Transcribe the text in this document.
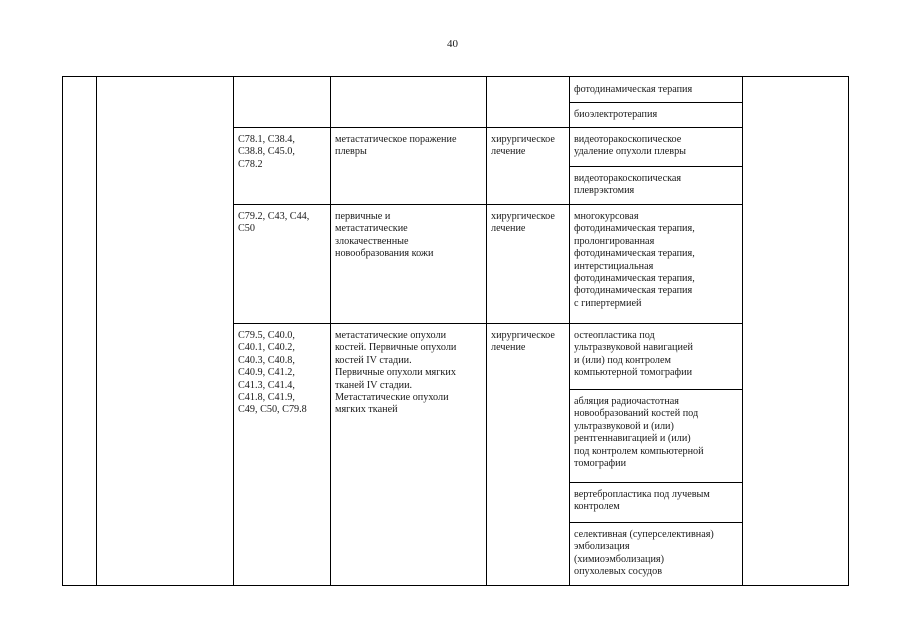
40
фотодинамическая терапия
биоэлектротерапия
C78.1, C38.4,
C38.8, C45.0,
C78.2
метастатическое поражение
плевры
хирургическое
лечение
видеоторакоскопическое
удаление опухоли плевры
видеоторакоскопическая
плеврэктомия
C79.2, C43, C44,
C50
первичные и
метастатические
злокачественные
новообразования кожи
хирургическое
лечение
многокурсовая
фотодинамическая терапия,
пролонгированная
фотодинамическая терапия,
интерстициальная
фотодинамическая терапия,
фотодинамическая терапия
с гипертермией
C79.5, C40.0,
C40.1, C40.2,
C40.3, C40.8,
C40.9, C41.2,
C41.3, C41.4,
C41.8, C41.9,
C49, C50, C79.8
метастатические опухоли
костей. Первичные опухоли
костей IV стадии.
Первичные опухоли мягких
тканей IV стадии.
Метастатические опухоли
мягких тканей
хирургическое
лечение
остеопластика под
ультразвуковой навигацией
и (или) под контролем
компьютерной томографии
абляция радиочастотная
новообразований костей под
ультразвуковой и (или)
рентгеннавигацией и (или)
под контролем компьютерной
томографии
вертебропластика под лучевым
контролем
селективная (суперселективная)
эмболизация
(химиоэмболизация)
опухолевых сосудов
